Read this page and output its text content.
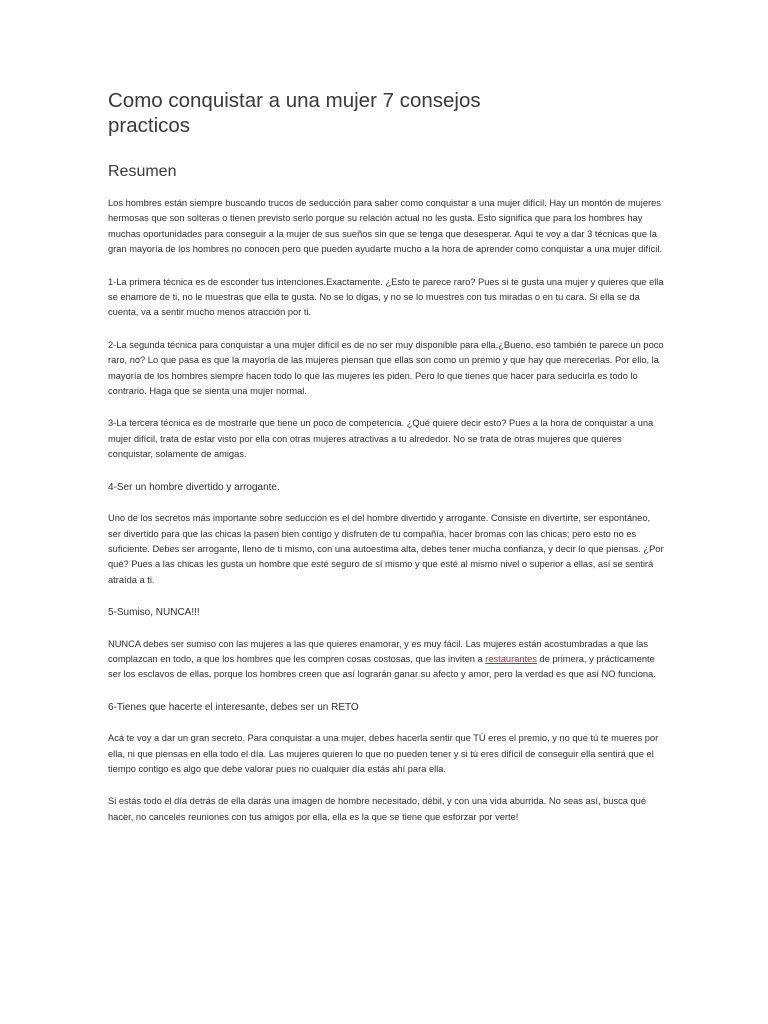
Como conquistar a una mujer 7 consejos practicos
Resumen

Los hombres están siempre buscando trucos de seducción para saber como conquistar a una mujer difícil. Hay un montón de mujeres hermosas que son solteras o tienen previsto serlo porque su relación actual no les gusta. Esto significa que para los hombres hay muchas oportunidades para conseguir a la mujer de sus sueños sin que se tenga que desesperar. Aquí te voy a dar 3 técnicas que la gran mayoría de los hombres no conocen pero que pueden ayudarte mucho a la hora de aprender como conquistar a una mujer difícil.

1-La primera técnica es de esconder tus intenciones.Exactamente. ¿Esto te parece raro? Pues si te gusta una mujer y quieres que ella se enamore de ti, no le muestras que ella te gusta. No se lo digas, y no se lo muestres con tus miradas o en tu cara. Si ella se da cuenta, va a sentir mucho menos atracción por ti.

2-La segunda técnica para conquistar a una mujer difícil es de no ser muy disponible para ella.¿Bueno, eso también te parece un poco raro, no? Lo que pasa es que la mayoría de las mujeres piensan que ellas son como un premio y que hay que merecerlas. Por ello, la mayoría de los hombres siempre hacen todo lo que las mujeres les piden. Pero lo que tienes que hacer para seducirla es todo lo contrario. Haga que se sienta una mujer normal.

3-La tercera técnica es de mostrarle que tiene un poco de competencia. ¿Qué quiere decir esto? Pues a la hora de conquistar a una mujer difícil, trata de estar visto por ella con otras mujeres atractivas a tu alrededor. No se trata de otras mujeres que quieres conquistar, solamente de amigas.

4-Ser un hombre divertido y arrogante.

Uno de los secretos más importante sobre seducción es el del hombre divertido y arrogante. Consiste en divertirte, ser espontáneo, ser divertido para que las chicas la pasen bien contigo y disfruten de tu compañía, hacer bromas con las chicas; pero esto no es suficiente. Debes ser arrogante, lleno de ti mismo, con una autoestima alta, debes tener mucha confianza, y decir lo que piensas. ¿Por qué? Pues a las chicas les gusta un hombre que esté seguro de sí mismo y que esté al mismo nivel o superior a ellas, así se sentirá atraída a ti.

5-Sumiso, NUNCA!!!

NUNCA debes ser sumiso con las mujeres a las que quieres enamorar, y es muy fácil. Las mujeres están acostumbradas a que las complazcan en todo, a que los hombres que les compren cosas costosas, que las inviten a restaurantes de primera, y prácticamente ser los esclavos de ellas, porque los hombres creen que así lograrán ganar su afecto y amor, pero la verdad es que así NO funciona.

6-Tienes que hacerte el interesante, debes ser un RETO

Acá te voy a dar un gran secreto. Para conquistar a una mujer, debes hacerla sentir que TÚ eres el premio, y no que tú te mueres por ella, ni que piensas en ella todo el día. Las mujeres quieren lo que no pueden tener y si tú eres difícil de conseguir ella sentirá que el tiempo contigo es algo que debe valorar pues no cualquier día estás ahí para ella.

Si estás todo el día detrás de ella darás una imagen de hombre necesitado, débil, y con una vida aburrida. No seas así, busca qué hacer, no canceles reuniones con tus amigos por ella, ella es la que se tiene que esforzar por verte!
